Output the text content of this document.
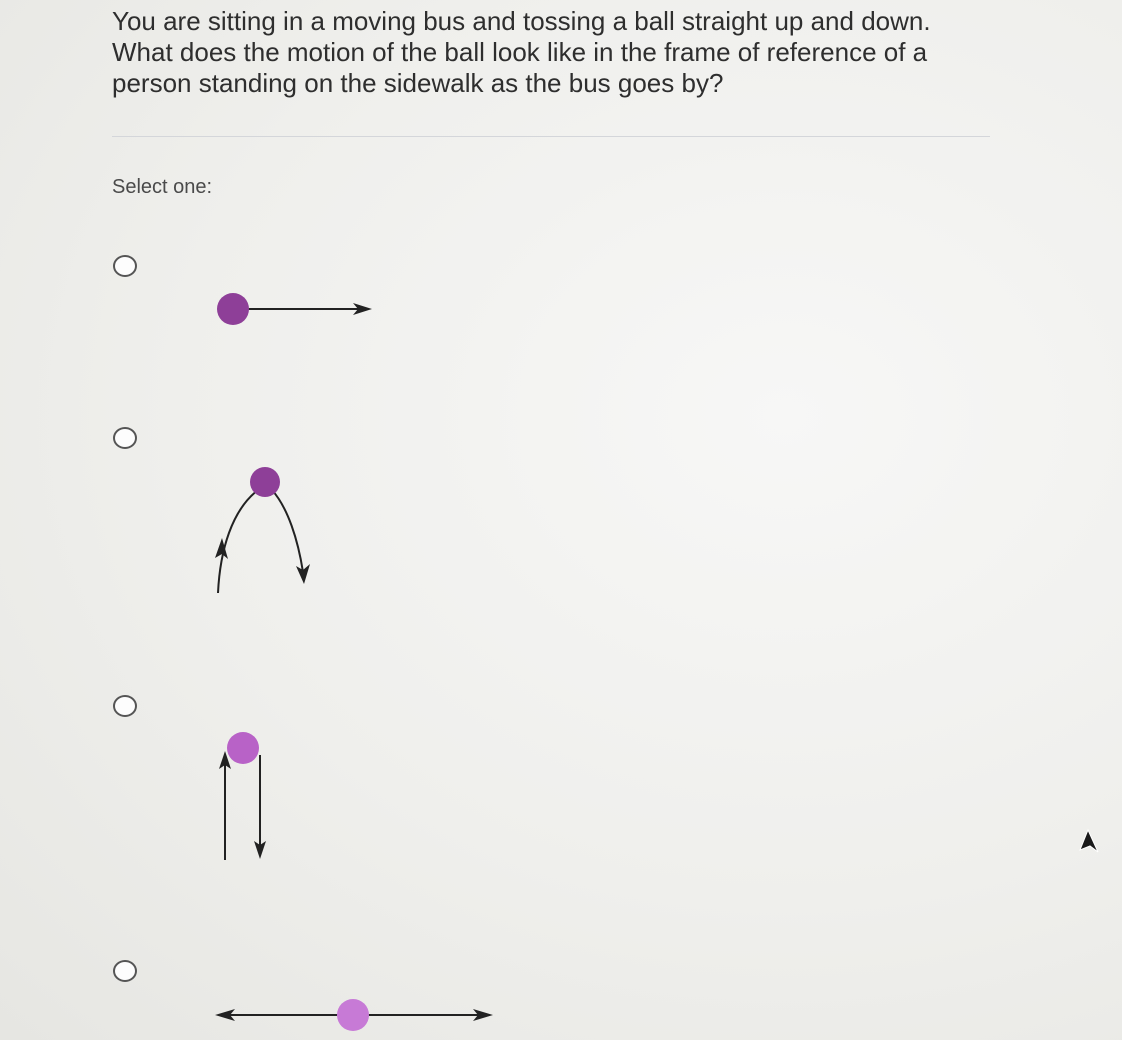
You are sitting in a moving bus and tossing a ball straight up and down. What does the motion of the ball look like in the frame of reference of a person standing on the sidewalk as the bus goes by?

Select one:
